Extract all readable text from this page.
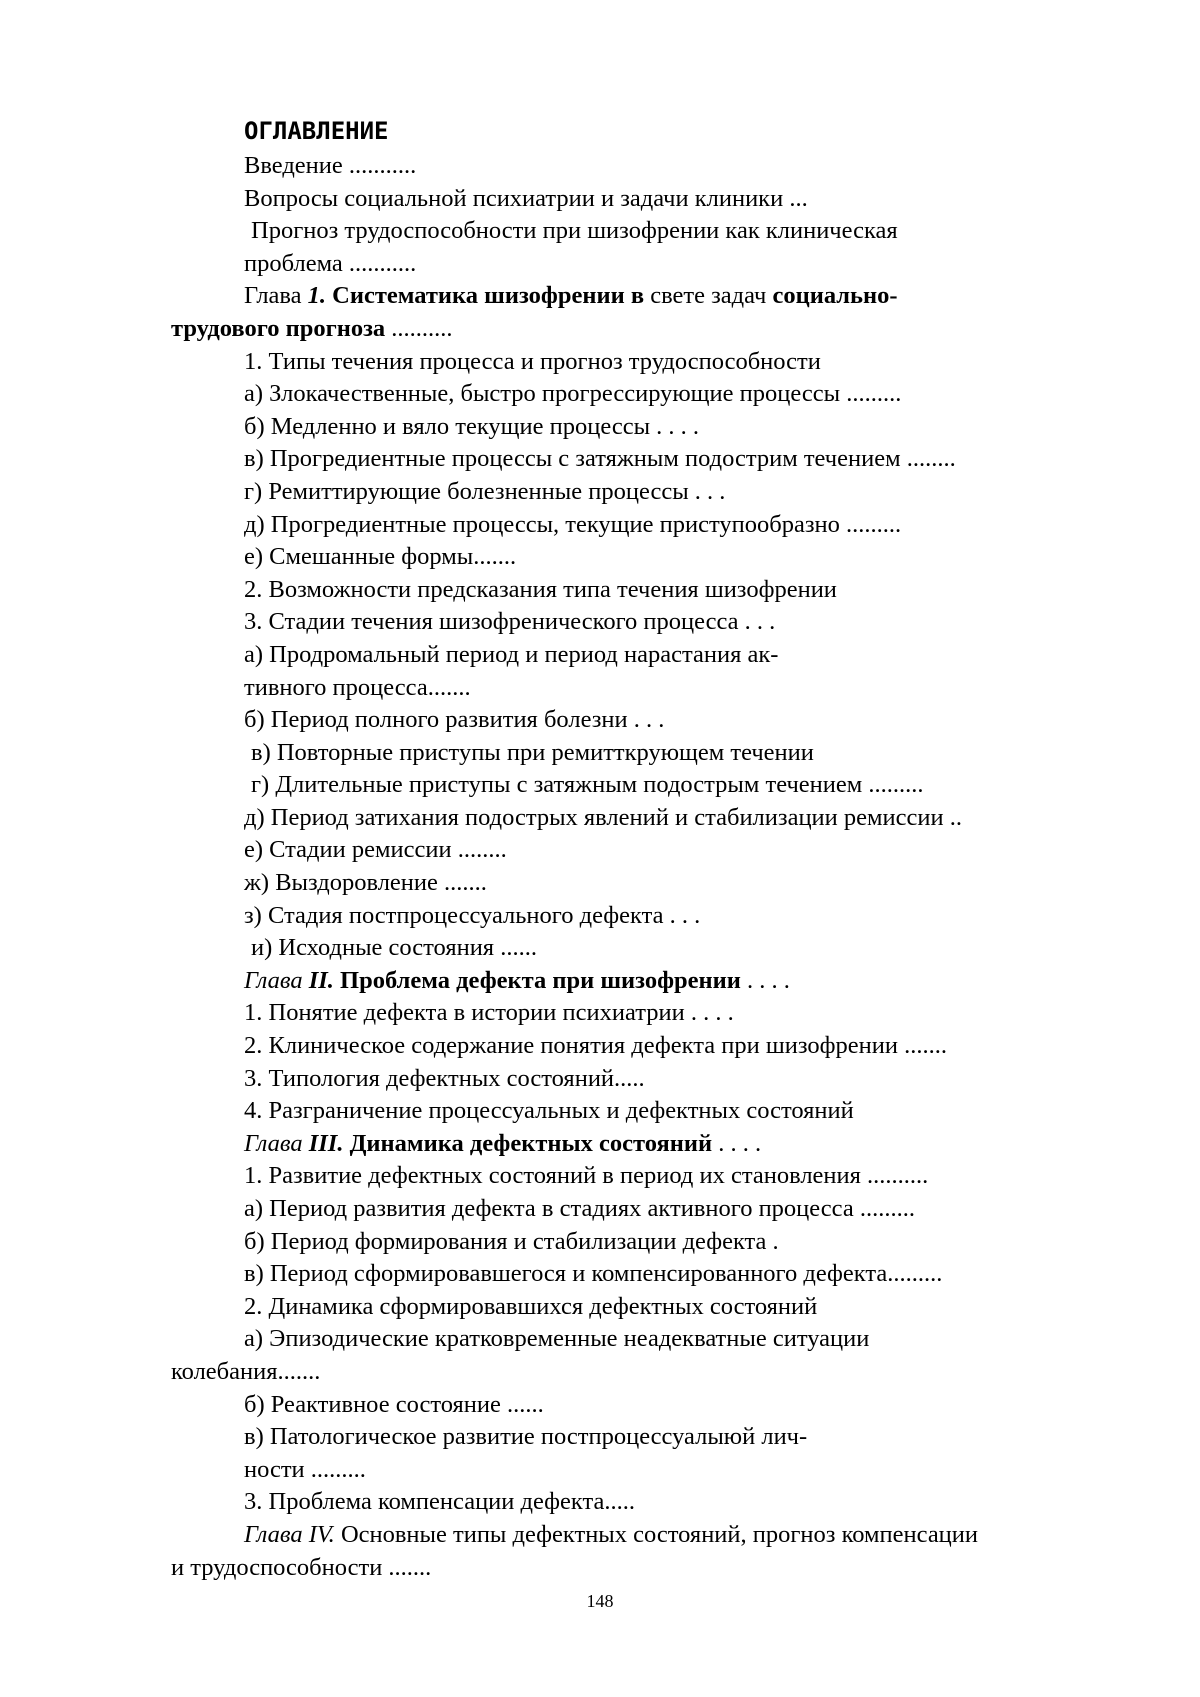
ОГЛАВЛЕНИЕ
Введение ...........
Вопросы социальной психиатрии и задачи клиники ...
Прогноз трудоспособности при шизофрении как клиническая
проблема ...........
Глава 1. Систематика шизофрении в свете задач социально-
трудового прогноза ..........
1. Типы течения процесса и прогноз трудоспособности
а) Злокачественные, быстро прогрессирующие процессы .........
б) Медленно и вяло текущие процессы . . . .
в) Прогредиентные процессы с затяжным подострим течением ........
г) Ремиттирующие болезненные процессы . . .
д) Прогредиентные процессы, текущие приступообразно .........
е) Смешанные формы.......
2. Возможности предсказания типа течения шизофрении
3. Стадии течения шизофренического процесса . . .
а) Продромальный период и период нарастания ак-
тивного процесса.......
б) Период полного развития болезни . . .
в) Повторные приступы при ремитткрующем течении
г) Длительные приступы с затяжным подострым течением .........
д) Период затихания подострых явлений и стабилизации ремиссии ..
е) Стадии ремиссии ........
ж) Выздоровление .......
з) Стадия постпроцессуального дефекта . . .
и) Исходные состояния ......
Глава II. Проблема дефекта при шизофрении . . . .
1. Понятие дефекта в истории психиатрии . . . .
2. Клиническое содержание понятия дефекта при шизофрении .......
3. Типология дефектных состояний.....
4. Разграничение процессуальных и дефектных состояний
Глава III. Динамика дефектных состояний . . . .
1. Развитие дефектных состояний в период их становления ..........
а) Период развития дефекта в стадиях активного процесса .........
б) Период формирования и стабилизации дефекта .
в) Период сформировавшегося и компенсированного дефекта.........
2. Динамика сформировавшихся дефектных состояний
а) Эпизодические кратковременные неадекватные ситуации
колебания.......
б) Реактивное состояние ......
в) Патологическое развитие постпроцессуалыюй лич-
ности .........
3. Проблема компенсации дефекта.....
Глава IV. Основные типы дефектных состояний, прогноз компенсации
и трудоспособности .......
148
